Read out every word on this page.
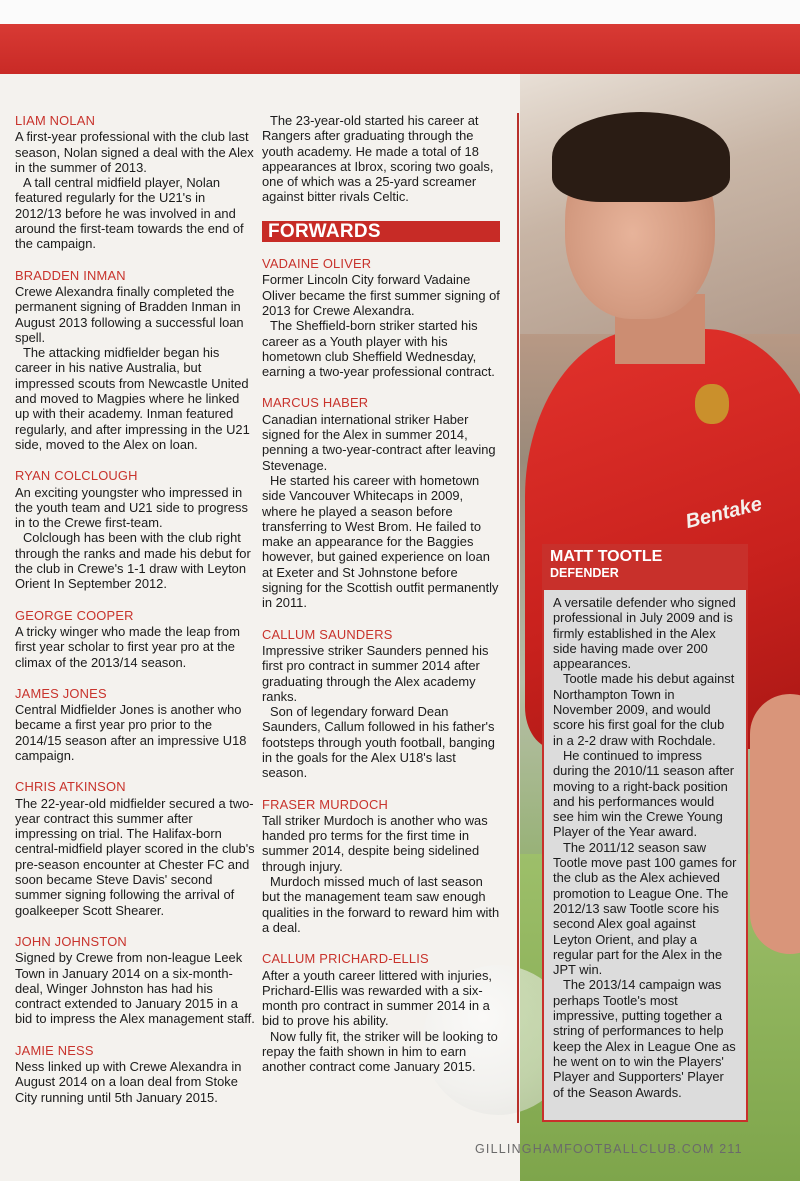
Bentake
LIAM NOLAN

A first-year professional with the club last season, Nolan signed a deal with the Alex in the summer of 2013.

A tall central midfield player, Nolan featured regularly for the U21's in 2012/13 before he was involved in and around the first-team towards the end of the campaign.

BRADDEN INMAN

Crewe Alexandra finally completed the permanent signing of Bradden Inman in August 2013 following a successful loan spell.

The attacking midfielder began his career in his native Australia, but impressed scouts from Newcastle United and moved to Magpies where he linked up with their academy. Inman featured regularly, and after impressing in the U21 side, moved to the Alex on loan.

RYAN COLCLOUGH

An exciting youngster who impressed in the youth team and U21 side to progress in to the Crewe first-team.

Colclough has been with the club right through the ranks and made his debut for the club in Crewe's 1-1 draw with Leyton Orient In September 2012.

GEORGE COOPER

A tricky winger who made the leap from first year scholar to first year pro at the climax of the 2013/14 season.

JAMES JONES

Central Midfielder Jones is another who became a first year pro prior to the 2014/15 season after an impressive U18 campaign.

CHRIS ATKINSON

The 22-year-old midfielder secured a two-year contract this summer after impressing on trial. The Halifax-born central-midfield player scored in the club's pre-season encounter at Chester FC and soon became Steve Davis' second summer signing following the arrival of goalkeeper Scott Shearer.

JOHN JOHNSTON

Signed by Crewe from non-league Leek Town in January 2014 on a six-month-deal, Winger Johnston has had his contract extended to January 2015 in a bid to impress the Alex management staff.

JAMIE NESS

Ness linked up with Crewe Alexandra in August 2014 on a loan deal from Stoke City running until 5th January 2015.

The 23-year-old started his career at Rangers after graduating through the youth academy. He made a total of 18 appearances at Ibrox, scoring two goals, one of which was a 25-yard screamer against bitter rivals Celtic.

FORWARDS
VADAINE OLIVER

Former Lincoln City forward Vadaine Oliver became the first summer signing of 2013 for Crewe Alexandra.

The Sheffield-born striker started his career as a Youth player with his hometown club Sheffield Wednesday, earning a two-year professional contract.

MARCUS HABER

Canadian international striker Haber signed for the Alex in summer 2014, penning a two-year-contract after leaving Stevenage.

He started his career with hometown side Vancouver Whitecaps in 2009, where he played a season before transferring to West Brom. He failed to make an appearance for the Baggies however, but gained experience on loan at Exeter and St Johnstone before signing for the Scottish outfit permanently in 2011.

CALLUM SAUNDERS

Impressive striker Saunders penned his first pro contract in summer 2014 after graduating through the Alex academy ranks.

Son of legendary forward Dean Saunders, Callum followed in his father's footsteps through youth football, banging in the goals for the Alex U18's last season.

FRASER MURDOCH

Tall striker Murdoch is another who was handed pro terms for the first time in summer 2014, despite being sidelined through injury.

Murdoch missed much of last season but the management team saw enough qualities in the forward to reward him with a deal.

CALLUM PRICHARD-ELLIS

After a youth career littered with injuries, Prichard-Ellis was rewarded with a six-month pro contract in summer 2014 in a bid to prove his ability.

Now fully fit, the striker will be looking to repay the faith shown in him to earn another contract come January 2015.

MATT TOOTLE
DEFENDER

A versatile defender who signed professional in July 2009 and is firmly established in the Alex side having made over 200 appearances.

Tootle made his debut against Northampton Town in November 2009, and would score his first goal for the club in a 2-2 draw with Rochdale.

He continued to impress during the 2010/11 season after moving to a right-back position and his performances would see him win the Crewe Young Player of the Year award.

The 2011/12 season saw Tootle move past 100 games for the club as the Alex achieved promotion to League One. The 2012/13 saw Tootle score his second Alex goal against Leyton Orient, and play a regular part for the Alex in the JPT win.

The 2013/14 campaign was perhaps Tootle's most impressive, putting together a string of performances to help keep the Alex in League One as he went on to win the Players' Player and Supporters' Player of the Season Awards.

GILLINGHAMFOOTBALLCLUB.COM 211
